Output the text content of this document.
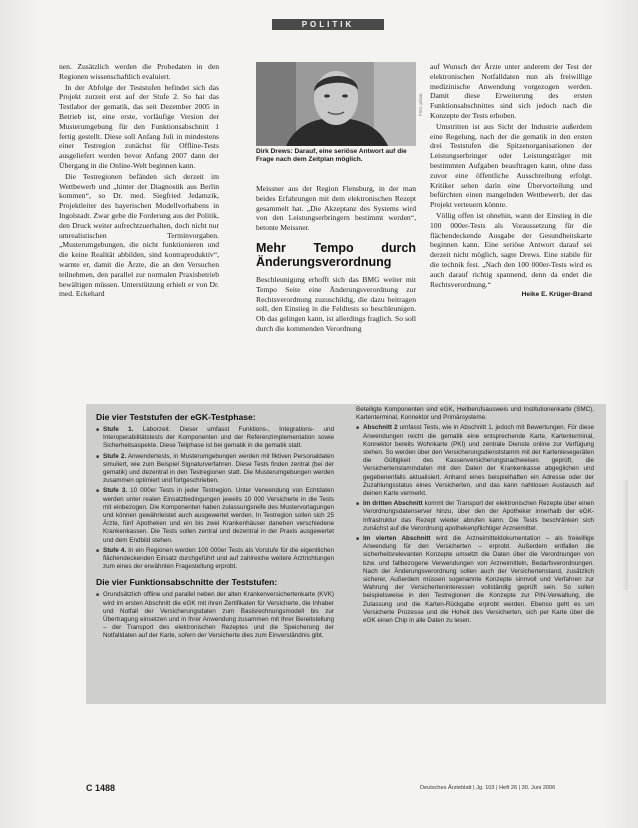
POLITIK

nen. Zusätzlich werden die Probedaten in den Regionen wissenschaftlich evaluiert.

In der Abfolge der Teststufen befindet sich das Projekt zurzeit erst auf der Stufe 2. So hat das Testlabor der gematik, das seit Dezember 2005 in Betrieb ist, eine erste, vorläufige Version der Musterumgebung für den Funktionsabschnitt 1 fertig gestellt. Diese soll Anfang Juli in mindestens einer Testregion zunächst für Offline-Tests ausgeliefert werden bevor Anfang 2007 dann der Übergang in die Online-Welt beginnen kann.

Die Testregionen befänden sich derzeit im Wettbewerb und „hinter der Diagnostik aus Berlin kommen“, so Dr. med. Siegfried Jedamzik, Projektleiter des bayerischen Modellvorhabens in Ingolstadt. Zwar gebe die Forderung aus der Politik, den Druck weiter aufrechtzuerhalten, doch nicht nur umrealistischen Terminvorgaben. „Musterumgebungen, die nicht funktionieren und die keine Realität abbilden, sind kontraproduktiv“, warnte er, damit die Ärzte, die an den Versuchen teilnehmen, den parallel zur normalen Praxisbetrieb bewältigen müssen. Unterstützung erhielt er von Dr. med. Eckehard

Foto: privat
Dirk Drews: Darauf, eine seriöse Antwort auf die Frage nach dem Zeitplan möglich.

Meissner aus der Region Flensburg, in der man beides Erfahrungen mit dem elektronischen Rezept gesammelt hat. „Die Akzeptanz des Systems wird von den Leistungserbringern bestimmt werden“, betonte Meissner.

Mehr Tempo durch Änderungsverordnung

Beschleunigung erhofft sich das BMG weiter mit Tempo Seite eine Änderungsverordnung zur Rechtsverordnung zuzuschildig, die dazu beitragen soll, den Einstieg in die Feldtests so beschleunigen. Ob das gelingen kann, ist allerdings fraglich. So soll durch die kommenden Verordnung

auf Wunsch der Ärzte unter anderem der Test der elektronischen Notfalldaten nun als freiwillige medizinische Anwendung vorgezogen werden. Damit diese Erweiterung des ersten Funktionsabschnittes sind sich jedoch nach die Konzepte der Tests erhoben.

Umstritten ist aus Sicht der Industrie außerdem eine Regelung, nach der die gematik in den ersten drei Teststufen die Spitzenorganisationen der Leistungserbringer oder Leistungsträger mit bestimmten Aufgaben beauftragen kann, ohne dass zuvor eine öffentliche Ausschreibung erfolgt. Kritiker sehen darin eine Übervorteilung und befürchten einen mangelnden Wettbewerb, der das Projekt verteuern könnte.

Völlig offen ist ohnehin, wann der Einstieg in die 100 000er-Tests als Voraussetzung für die flächendeckende Ausgabe der Gesundheitskarte beginnen kann. Eine seriöse Antwort darauf sei derzeit nicht möglich, sagte Drews. Eine stabile für die technik fest. „Nach den 100 000er-Tests wird es auch darauf richtig spannend, denn da endet die Rechtsverordnung.“

Heike E. Krüger-Brand
Die vier Teststufen der eGK-Testphase:
■ Stufe 1. Laborzeit. Dieser umfasst Funktions-, Integrations- und Interoperabilitätstests der Komponenten und der Referenzimplementation sowie Sicherheitsaspekte. Diese Teilphase ist bei gematik in die gematik statt.
■ Stufe 2. Anwendertests, in Musterumgebungen werden mit fiktiven Personaldaten simuliert, wie zum Beispiel Signaturverfahren. Diese Tests finden zentral (bei der gematik) und dezentral in den Testregionen statt. Die Musterumgebungen werden zusammen optimiert und fortgeschrieben.
■ Stufe 3. 10 000er Tests in jeder Testregion. Unter Verwendung von Echtdaten werden unter realen Einsatzbedingungen jeweils 10 000 Versicherte in die Tests mit einbezogen. Die Komponenten haben zulassungsreife des Mustervorlagungen und können gewährleistet auch ausgewertet werden. In Testregion sollen sich 25 Ärzte, fünf Apotheken und ein bis zwei Krankenhäuser daneben verschiedene Krankenkassen. Die Tests sollen zentral und dezentral in der Praxis ausgewertet und dem Endbild stehen.
■ Stufe 4. In ein Regionen werden 100 000er Tests als Vorstufe für die eigentlichen flächendeckenden Einsatz durchgeführt und auf zahlreiche weitere Arztrichtungen zum eines der erwähnten Fragestellung erprobt.
Die vier Funktionsabschnitte der Teststufen:
■ Grundsätzlich offline und parallel neben der alten Krankenversichertenkarte (KVK) wird im ersten Abschnitt die eGK mit ihren Zertifikaten für Versicherte, die Inhaber und Notfall der Versicherungsdaten zum Basisrechnungsmodell bis zur Übertragung einsetzen und in Ihrer Anwendung zusammen mit Ihrer Bereitstellung – der Transport des elektronischen Rezeptes und die Speicherung der Notfalldaten auf der Karte, sofern der Versicherte dies zum Einverständnis gibt.

Beteiligte Komponenten sind eGK, Heilberufsausweis und Institutionenkarte (SMC), Kartenterminal, Konnektor und Primärsysteme.

■ Abschnitt 2 umfasst Tests, wie in Abschnitt 1, jedoch mit Bewertungen. Für diese Anwendungen reicht die gematik eine entsprechende Karte, Kartenterminal, Konnektor bereits Wohnkarte (PKI) und zentrale Dienste online zur Verfügung stehen. So werden über den Versicherungsdienststamm mit der Kartenlesegeräten die Gültigkeit des Kassenversicherungsnachweises geprüft, die Versichertenstammdaten mit den Daten der Krankenkasse abgeglichen und gegebenenfalls aktualisiert. Anhand eines beispielhaften ein Adresse oder der Zuzahlungsstatus eines Versicherten, und das kann nahtlosen Austausch auf deinen Karte vermerkt.
■ Im dritten Abschnitt kommt der Transport der elektronischen Rezepte über einen Verordnungsdatenserver hinzu, über den der Apotheker innerhalb der eGK-Infrastruktur das Rezept wieder abrufen kann. Die Tests beschränken sich zunächst auf die Verordnung apothekenpflichtiger Arzneimittel.
■ Im vierten Abschnitt wird die Arzneimitteldokumentation – als freiwillige Anwendung für den Versicherten – erprobt. Außerdem entfallen die sicherheitsrelevanten Konzepte umsetzt die Daten über die Verordnungen von bzw. und fallbezogene Verwendungen von Arzneimitteln, Bedarfsverordnungen. Nach der Änderungsverordnung sollen auch der Versichertenstand, zusätzlich sicherer, Außerdem müssen sogenannte Konzepte sinnvoll und Verfahren zur Wahrung der Versicherteninteressen vollständig geprüft sein. So sollen beispielsweise in den Testregionen die Konzepte zur PIN-Verwaltung, die Zulassung und die Karten-Rückgabe erprobt werden. Ebenso geht es um Versicherte Prozesse und die Hoheit des Versicherten, sich per Karte über die eGK einen Chip in alle Daten zu lesen.
C 1488	Deutsches Ärzteblatt | Jg. 103 | Heft 26 | 30. Juni 2006
